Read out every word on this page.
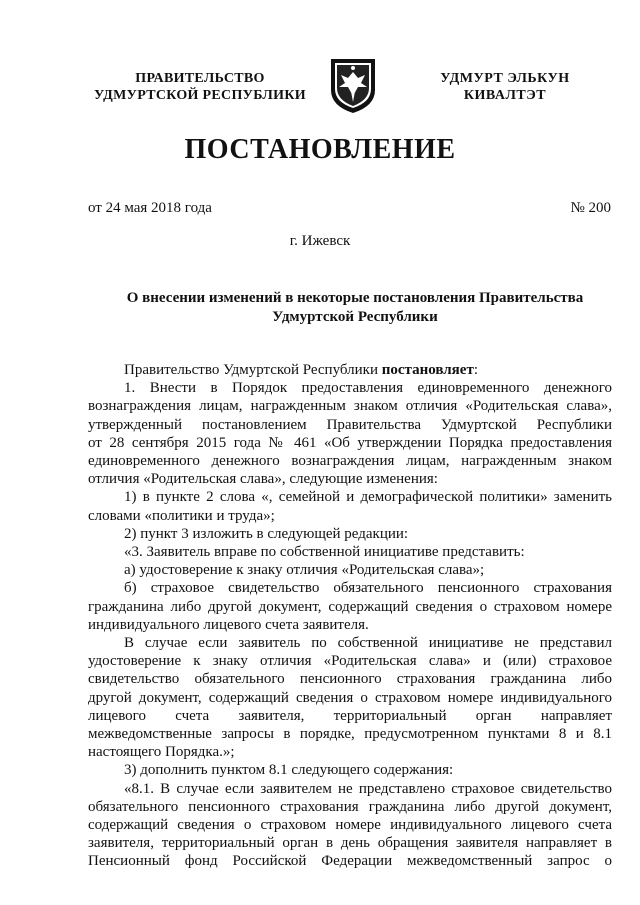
ПРАВИТЕЛЬСТВО
УДМУРТСКОЙ РЕСПУБЛИКИ
УДМУРТ ЭЛЬКУН
КИВАЛТЭТ
ПОСТАНОВЛЕНИЕ
от 24 мая 2018 года	№ 200
г. Ижевск
О внесении изменений в некоторые постановления Правительства
Удмуртской Республики

Правительство Удмуртской Республики постановляет:

1. Внести в Порядок предоставления единовременного денежного
вознаграждения лицам, награжденным знаком отличия «Родительская слава»,
утвержденный постановлением Правительства Удмуртской Республики
от 28 сентября 2015 года № 461 «Об утверждении Порядка предоставления
единовременного денежного вознаграждения лицам, награжденным знаком
отличия «Родительская слава», следующие изменения:

1) в пункте 2 слова «, семейной и демографической политики» заменить
словами «политики и труда»;

2) пункт 3 изложить в следующей редакции:

«3. Заявитель вправе по собственной инициативе представить:

а) удостоверение к знаку отличия «Родительская слава»;

б) страховое свидетельство обязательного пенсионного страхования
гражданина либо другой документ, содержащий сведения о страховом номере
индивидуального лицевого счета заявителя.

В случае если заявитель по собственной инициативе не представил
удостоверение к знаку отличия «Родительская слава» и (или) страховое
свидетельство обязательного пенсионного страхования гражданина либо
другой документ, содержащий сведения о страховом номере индивидуального
лицевого счета заявителя, территориальный орган направляет
межведомственные запросы в порядке, предусмотренном пунктами 8 и 8.1
настоящего Порядка.»;

3) дополнить пунктом 8.1 следующего содержания:

«8.1. В случае если заявителем не представлено страховое свидетельство
обязательного пенсионного страхования гражданина либо другой документ,
содержащий сведения о страховом номере индивидуального лицевого счета
заявителя, территориальный орган в день обращения заявителя направляет в
Пенсионный фонд Российской Федерации межведомственный запрос о
